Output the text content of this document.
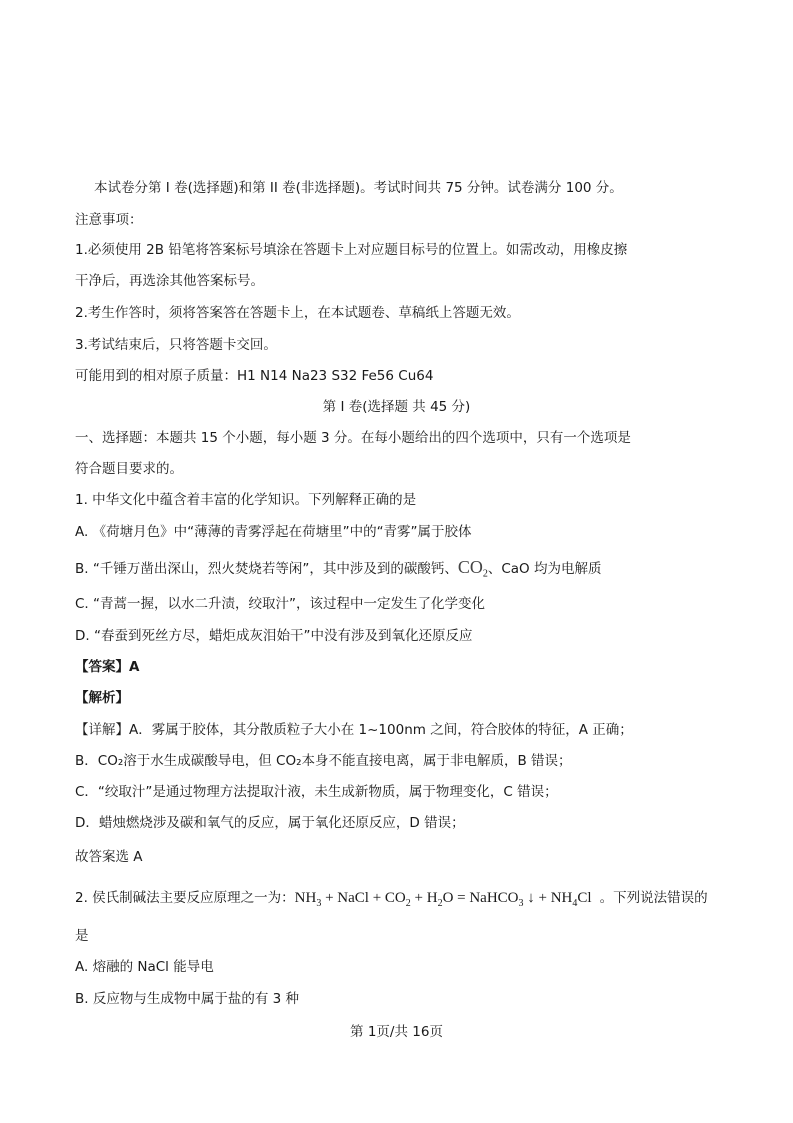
本试卷分第 I 卷(选择题)和第 II 卷(非选择题)。考试时间共 75 分钟。试卷满分 100 分。
注意事项：
1.必须使用 2B 铅笔将答案标号填涂在答题卡上对应题目标号的位置上。如需改动，用橡皮擦
干净后，再选涂其他答案标号。
2.考生作答时，须将答案答在答题卡上，在本试题卷、草稿纸上答题无效。
3.考试结束后，只将答题卡交回。
可能用到的相对原子质量：H1 N14 Na23 S32 Fe56 Cu64
第 I 卷(选择题 共 45 分)
一、选择题：本题共 15 个小题，每小题 3 分。在每小题给出的四个选项中，只有一个选项是
符合题目要求的。
1. 中华文化中蕴含着丰富的化学知识。下列解释正确的是
A. 《荷塘月色》中“薄薄的青雾浮起在荷塘里”中的“青雾”属于胶体
B. “千锤万凿出深山，烈火焚烧若等闲”，其中涉及到的碳酸钙、$CO_2$、CaO 均为电解质
C. “青蒿一握，以水二升渍，绞取汁”，该过程中一定发生了化学变化
D. “春蚕到死丝方尽，蜡炬成灰泪始干”中没有涉及到氧化还原反应
【答案】A
【解析】
【详解】A．雾属于胶体，其分散质粒子大小在 1~100nm 之间，符合胶体的特征，A 正确；
B．CO₂溶于水生成碳酸导电，但 CO₂本身不能直接电离，属于非电解质，B 错误；
C．“绞取汁”是通过物理方法提取汁液，未生成新物质，属于物理变化，C 错误；
D．蜡烛燃烧涉及碳和氧气的反应，属于氧化还原反应，D 错误；
故答案选 A
2. 侯氏制碱法主要反应原理之一为：$NH_3$ + NaCl + $CO_2 + H_2O$ = NaHCO$_3$ ↓ + $NH_4Cl$ 。下列说法错误的
是
A. 熔融的 NaCl 能导电
B. 反应物与生成物中属于盐的有 3 种
第 1页/共 16页
